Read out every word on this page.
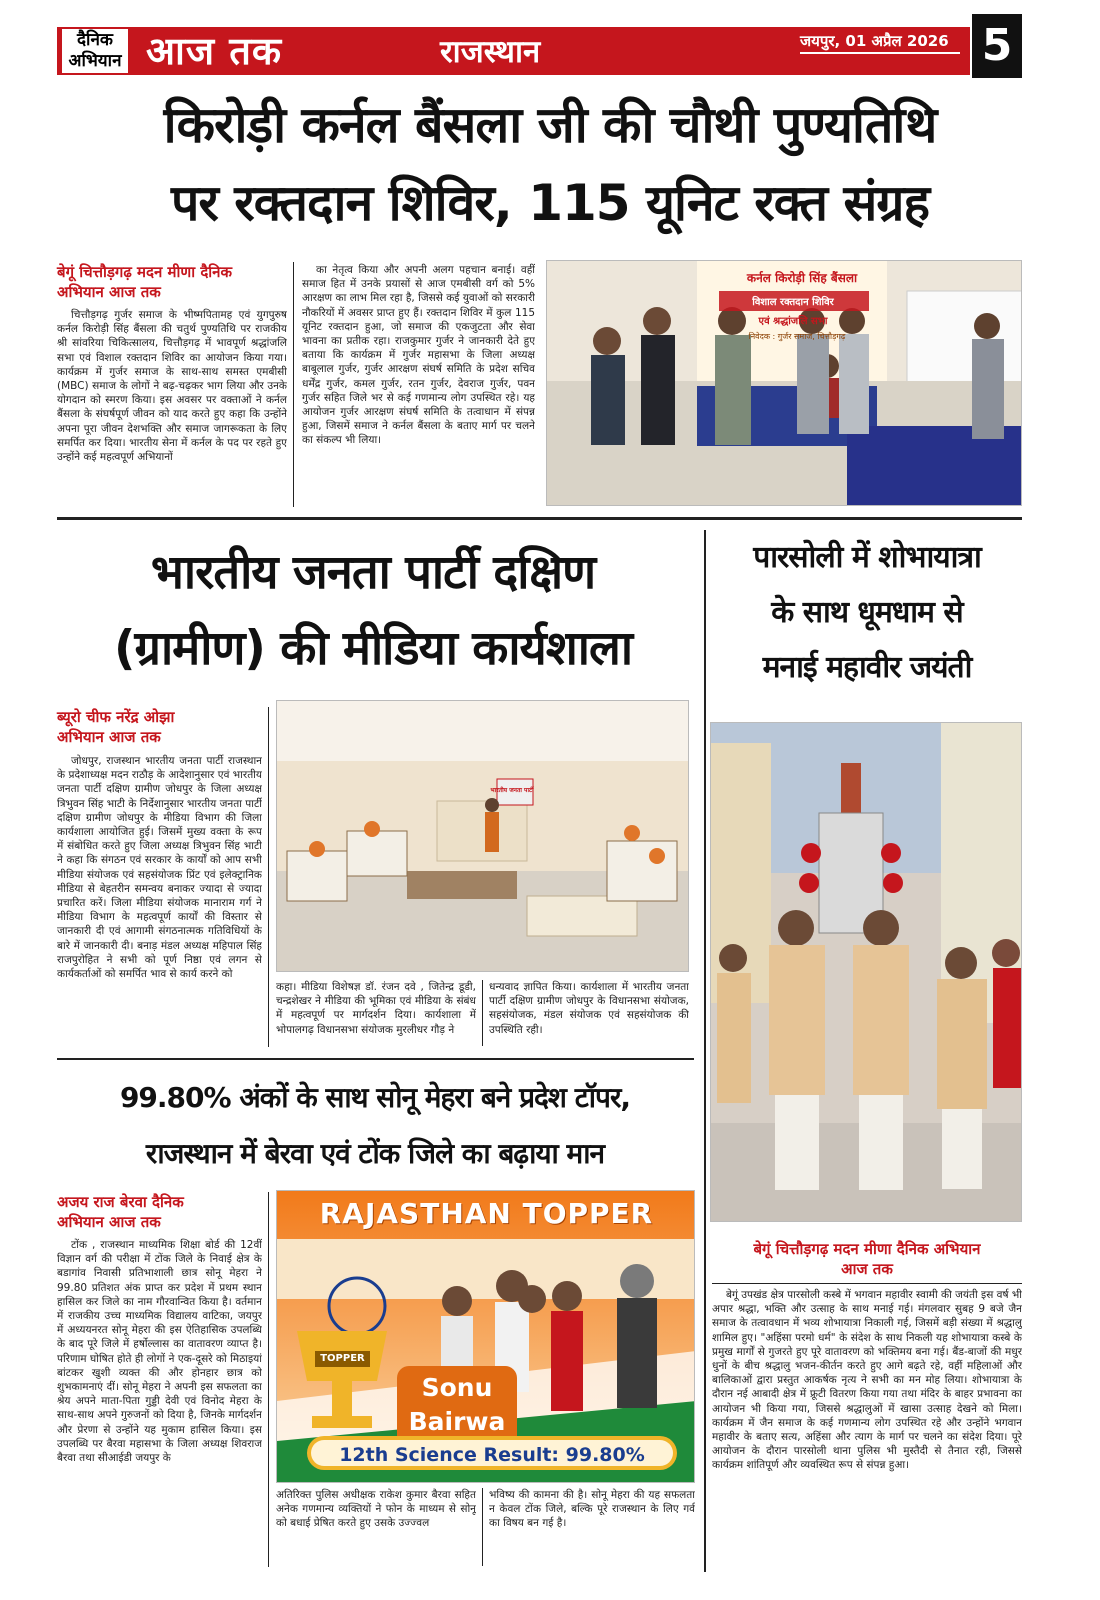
दैनिक
अभियान आज तक	राजस्थान	जयपुर, 01 अप्रैल 2026 5
किरोड़ी कर्नल बैंसला जी की चौथी पुण्यतिथि
पर रक्तदान शिविर, 115 यूनिट रक्त संग्रह
बेगूं चित्तौड़गढ़ मदन मीणा दैनिक
अभियान आज तक

चित्तौड़गढ़ गुर्जर समाज के भीष्मपितामह एवं युगपुरुष कर्नल किरोड़ी सिंह बैंसला की चतुर्थ पुण्यतिथि पर राजकीय श्री सांवरिया चिकित्सालय, चित्तौड़गढ़ में भावपूर्ण श्रद्धांजलि सभा एवं विशाल रक्तदान शिविर का आयोजन किया गया। कार्यक्रम में गुर्जर समाज के साथ-साथ समस्त एमबीसी (MBC) समाज के लोगों ने बढ़-चढ़कर भाग लिया और उनके योगदान को स्मरण किया। इस अवसर पर वक्ताओं ने कर्नल बैंसला के संघर्षपूर्ण जीवन को याद करते हुए कहा कि उन्होंने अपना पूरा जीवन देशभक्ति और समाज जागरूकता के लिए समर्पित कर दिया। भारतीय सेना में कर्नल के पद पर रहते हुए उन्होंने कई महत्वपूर्ण अभियानों

का नेतृत्व किया और अपनी अलग पहचान बनाई। वहीं समाज हित में उनके प्रयासों से आज एमबीसी वर्ग को 5% आरक्षण का लाभ मिल रहा है, जिससे कई युवाओं को सरकारी नौकरियों में अवसर प्राप्त हुए हैं। रक्तदान शिविर में कुल 115 यूनिट रक्तदान हुआ, जो समाज की एकजुटता और सेवा भावना का प्रतीक रहा। राजकुमार गुर्जर ने जानकारी देते हुए बताया कि कार्यक्रम में गुर्जर महासभा के जिला अध्यक्ष बाबूलाल गुर्जर, गुर्जर आरक्षण संघर्ष समिति के प्रदेश सचिव धर्मेंद्र गुर्जर, कमल गुर्जर, रतन गुर्जर, देवराज गुर्जर, पवन गुर्जर सहित जिले भर से कई गणमान्य लोग उपस्थित रहे। यह आयोजन गुर्जर आरक्षण संघर्ष समिति के तत्वाधान में संपन्न हुआ, जिसमें समाज ने कर्नल बैंसला के बताए मार्ग पर चलने का संकल्प भी लिया।

कर्नल किरोड़ी सिंह बैंसला
विशाल रक्तदान शिविर
एवं श्रद्धांजलि सभा
निवेदक : गुर्जर समाज, चित्तौड़गढ़
भारतीय जनता पार्टी दक्षिण
(ग्रामीण) की मीडिया कार्यशाला
ब्यूरो चीफ नरेंद्र ओझा
अभियान आज तक

जोधपुर, राजस्थान भारतीय जनता पार्टी राजस्थान के प्रदेशाध्यक्ष मदन राठौड़ के आदेशानुसार एवं भारतीय जनता पार्टी दक्षिण ग्रामीण जोधपुर के जिला अध्यक्ष त्रिभुवन सिंह भाटी के निर्देशानुसार भारतीय जनता पार्टी दक्षिण ग्रामीण जोधपुर के मीडिया विभाग की जिला कार्यशाला आयोजित हुई। जिसमें मुख्य वक्ता के रूप में संबोधित करते हुए जिला अध्यक्ष त्रिभुवन सिंह भाटी ने कहा कि संगठन एवं सरकार के कार्यों को आप सभी मीडिया संयोजक एवं सहसंयोजक प्रिंट एवं इलेक्ट्रानिक मीडिया से बेहतरीन समन्वय बनाकर ज्यादा से ज्यादा प्रचारित करें। जिला मीडिया संयोजक मानाराम गर्ग ने मीडिया विभाग के महत्वपूर्ण कार्यों की विस्तार से जानकारी दी एवं आगामी संगठनात्मक गतिविधियों के बारे में जानकारी दी। बनाड़ मंडल अध्यक्ष महिपाल सिंह राजपुरोहित ने सभी को पूर्ण निष्ठा एवं लगन से कार्यकर्ताओं को समर्पित भाव से कार्य करने को

भारतीय जनता पार्टी

कहा। मीडिया विशेषज्ञ डॉ. रंजन दवे , जितेन्द्र डूडी, चन्द्रशेखर ने मीडिया की भूमिका एवं मीडिया के संबंध में महत्वपूर्ण पर मार्गदर्शन दिया। कार्यशाला में भोपालगढ़ विधानसभा संयोजक मुरलीधर गौड़ ने

धन्यवाद ज्ञापित किया। कार्यशाला में भारतीय जनता पार्टी दक्षिण ग्रामीण जोधपुर के विधानसभा संयोजक, सहसंयोजक, मंडल संयोजक एवं सहसंयोजक की उपस्थिति रही।

पारसोली में शोभायात्रा
के साथ धूमधाम से
मनाई महावीर जयंती
बेगूं चित्तौड़गढ़ मदन मीणा दैनिक अभियान
आज तक

बेगूं उपखंड क्षेत्र पारसोली कस्बे में भगवान महावीर स्वामी की जयंती इस वर्ष भी अपार श्रद्धा, भक्ति और उत्साह के साथ मनाई गई। मंगलवार सुबह 9 बजे जैन समाज के तत्वावधान में भव्य शोभायात्रा निकाली गई, जिसमें बड़ी संख्या में श्रद्धालु शामिल हुए। "अहिंसा परमो धर्म" के संदेश के साथ निकली यह शोभायात्रा कस्बे के प्रमुख मार्गों से गुजरते हुए पूरे वातावरण को भक्तिमय बना गई। बैंड-बाजों की मधुर धुनों के बीच श्रद्धालु भजन-कीर्तन करते हुए आगे बढ़ते रहे, वहीं महिलाओं और बालिकाओं द्वारा प्रस्तुत आकर्षक नृत्य ने सभी का मन मोह लिया। शोभायात्रा के दौरान नई आबादी क्षेत्र में फ्रूटी वितरण किया गया तथा मंदिर के बाहर प्रभावना का आयोजन भी किया गया, जिससे श्रद्धालुओं में खासा उत्साह देखने को मिला। कार्यक्रम में जैन समाज के कई गणमान्य लोग उपस्थित रहे और उन्होंने भगवान महावीर के बताए सत्य, अहिंसा और त्याग के मार्ग पर चलने का संदेश दिया। पूरे आयोजन के दौरान पारसोली थाना पुलिस भी मुस्तैदी से तैनात रही, जिससे कार्यक्रम शांतिपूर्ण और व्यवस्थित रूप से संपन्न हुआ।

99.80% अंकों के साथ सोनू मेहरा बने प्रदेश टॉपर,
राजस्थान में बेरवा एवं टोंक जिले का बढ़ाया मान
अजय राज बेरवा दैनिक
अभियान आज तक

टोंक , राजस्थान माध्यमिक शिक्षा बोर्ड की 12वीं विज्ञान वर्ग की परीक्षा में टोंक जिले के निवाई क्षेत्र के बडागांव निवासी प्रतिभाशाली छात्र सोनू मेहरा ने 99.80 प्रतिशत अंक प्राप्त कर प्रदेश में प्रथम स्थान हासिल कर जिले का नाम गौरवान्वित किया है। वर्तमान में राजकीय उच्च माध्यमिक विद्यालय वाटिका, जयपुर में अध्ययनरत सोनू मेहरा की इस ऐतिहासिक उपलब्धि के बाद पूरे जिले में हर्षोल्लास का वातावरण व्याप्त है। परिणाम घोषित होते ही लोगों ने एक-दूसरे को मिठाइयां बांटकर खुशी व्यक्त की और होनहार छात्र को शुभकामनाएं दीं। सोनू मेहरा ने अपनी इस सफलता का श्रेय अपने माता-पिता गुड्डी देवी एवं विनोद मेहरा के साथ-साथ अपने गुरुजनों को दिया है, जिनके मार्गदर्शन और प्रेरणा से उन्होंने यह मुकाम हासिल किया। इस उपलब्धि पर बैरवा महासभा के जिला अध्यक्ष शिवराज बैरवा तथा सीआईडी जयपुर के

RAJASTHAN TOPPER
TOPPER
Sonu
Bairwa
12th Science Result: 99.80%

अतिरिक्त पुलिस अधीक्षक राकेश कुमार बैरवा सहित अनेक गणमान्य व्यक्तियों ने फोन के माध्यम से सोनू को बधाई प्रेषित करते हुए उसके उज्ज्वल

भविष्य की कामना की है। सोनू मेहरा की यह सफलता न केवल टोंक जिले, बल्कि पूरे राजस्थान के लिए गर्व का विषय बन गई है।
